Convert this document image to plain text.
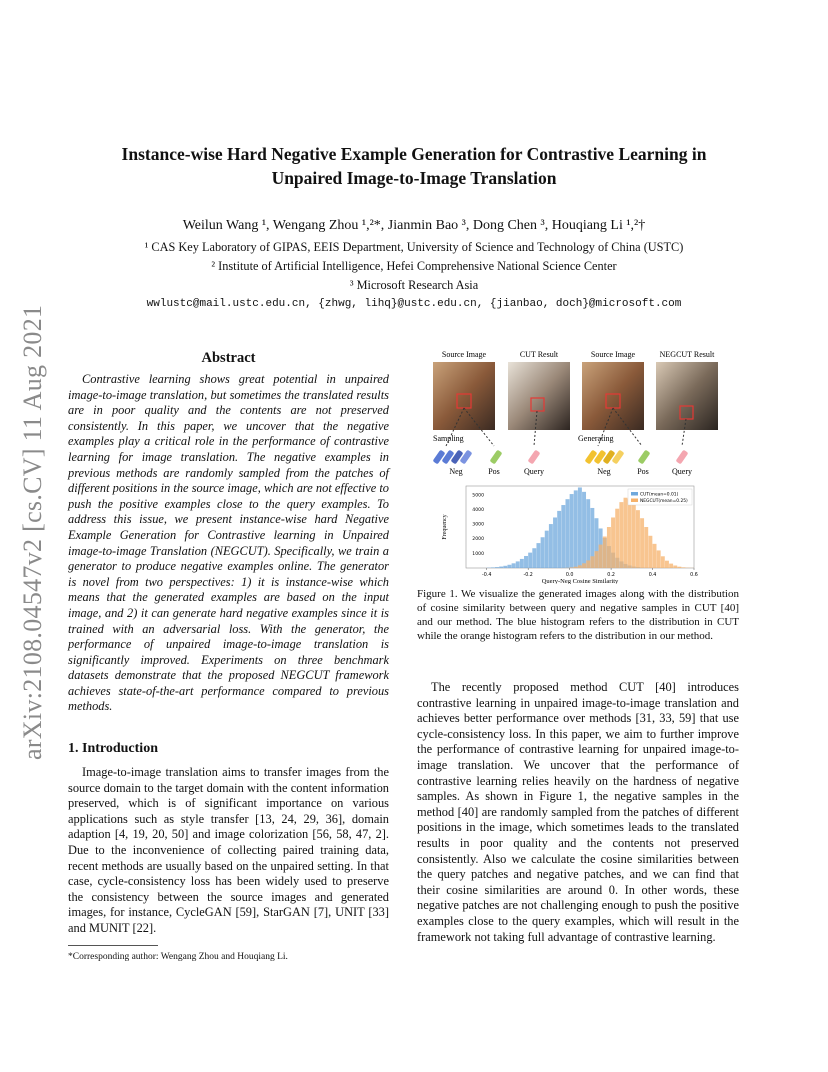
arXiv:2108.04547v2 [cs.CV] 11 Aug 2021
Instance-wise Hard Negative Example Generation for Contrastive Learning in
Unpaired Image-to-Image Translation
Weilun Wang ¹, Wengang Zhou ¹,²*, Jianmin Bao ³, Dong Chen ³, Houqiang Li ¹,²†
¹ CAS Key Laboratory of GIPAS, EEIS Department, University of Science and Technology of China (USTC)
² Institute of Artificial Intelligence, Hefei Comprehensive National Science Center
³ Microsoft Research Asia
wwlustc@mail.ustc.edu.cn, {zhwg, lihq}@ustc.edu.cn, {jianbao, doch}@microsoft.com
Abstract

Contrastive learning shows great potential in unpaired image-to-image translation, but sometimes the translated results are in poor quality and the contents are not preserved consistently. In this paper, we uncover that the negative examples play a critical role in the performance of contrastive learning for image translation. The negative examples in previous methods are randomly sampled from the patches of different positions in the source image, which are not effective to push the positive examples close to the query examples. To address this issue, we present instance-wise hard Negative Example Generation for Contrastive learning in Unpaired image-to-image Translation (NEGCUT). Specifically, we train a generator to produce negative examples online. The generator is novel from two perspectives: 1) it is instance-wise which means that the generated examples are based on the input image, and 2) it can generate hard negative examples since it is trained with an adversarial loss. With the generator, the performance of unpaired image-to-image translation is significantly improved. Experiments on three benchmark datasets demonstrate that the proposed NEGCUT framework achieves state-of-the-art performance compared to previous methods.

1. Introduction

Image-to-image translation aims to transfer images from the source domain to the target domain with the content information preserved, which is of significant importance on various applications such as style transfer [13, 24, 29, 36], domain adaption [4, 19, 20, 50] and image colorization [56, 58, 47, 2]. Due to the inconvenience of collecting paired training data, recent methods are usually based on the unpaired setting. In that case, cycle-consistency loss has been widely used to preserve the consistency between the source images and generated images, for instance, CycleGAN [59], StarGAN [7], UNIT [33] and MUNIT [22].

*Corresponding author: Wengang Zhou and Houqiang Li.
Source Image	CUT Result	Source Image	NEGCUT Result
Sampling	Generating
Neg	Pos	Query	Neg	Pos	Query
-0.4	-0.2	0.0	0.2	0.4	0.6
1000
2000
3000
4000
5000
Query-Neg Cosine Similarity
Frequency
CUT(mean=0.01)
NEGCUT(mean=0.25)
Figure 1. We visualize the generated images along with the distribution of cosine similarity between query and negative samples in CUT [40] and our method. The blue histogram refers to the distribution in CUT while the orange histogram refers to the distribution in our method.

The recently proposed method CUT [40] introduces contrastive learning in unpaired image-to-image translation and achieves better performance over methods [31, 33, 59] that use cycle-consistency loss. In this paper, we aim to further improve the performance of contrastive learning for unpaired image-to-image translation. We uncover that the performance of contrastive learning relies heavily on the hardness of negative samples. As shown in Figure 1, the negative samples in the method [40] are randomly sampled from the patches of different positions in the image, which sometimes leads to the translated results in poor quality and the contents not preserved consistently. Also we calculate the cosine similarities between the query patches and negative patches, and we can find that their cosine similarities are around 0. In other words, these negative patches are not challenging enough to push the positive examples close to the query examples, which will result in the framework not taking full advantage of contrastive learning.
